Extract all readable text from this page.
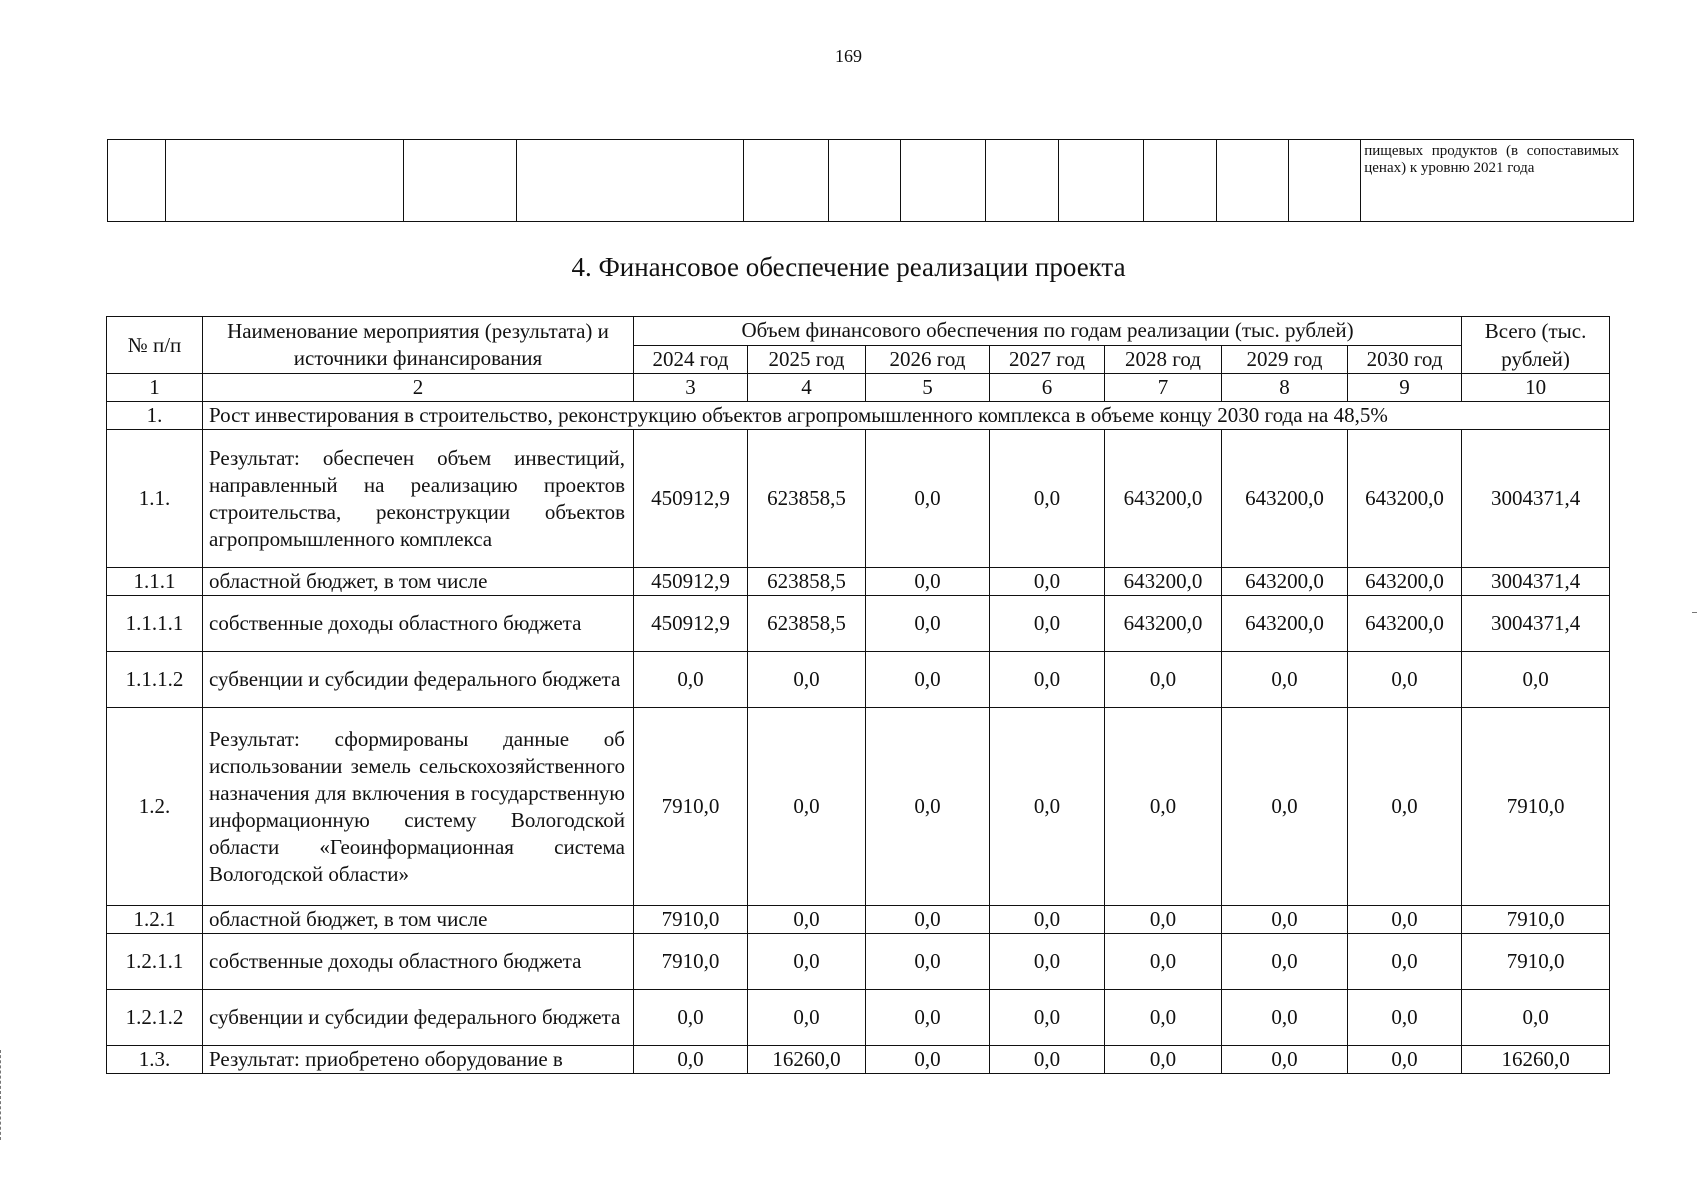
169
												пищевых продуктов (в сопоставимых ценах) к уровню 2021 года
4. Финансовое обеспечение реализации проекта
№ п/п	Наименование мероприятия (результата) и источники финансирования	Объем финансового обеспечения по годам реализации (тыс. рублей)							Всего (тыс. рублей)
		2024 год	2025 год	2026 год	2027 год	2028 год	2029 год	2030 год	
1	2	3	4	5	6	7	8	9	10
1.	Рост инвестирования в строительство, реконструкцию объектов агропромышленного комплекса в объеме концу 2030 года на 48,5%								
1.1.	Результат: обеспечен объем инвестиций, направленный на реализацию проектов строительства, реконструкции объектов агропромышленного комплекса	450912,9	623858,5	0,0	0,0	643200,0	643200,0	643200,0	3004371,4
1.1.1	областной бюджет, в том числе	450912,9	623858,5	0,0	0,0	643200,0	643200,0	643200,0	3004371,4
1.1.1.1	собственные доходы областного бюджета	450912,9	623858,5	0,0	0,0	643200,0	643200,0	643200,0	3004371,4
1.1.1.2	субвенции и субсидии федерального бюджета	0,0	0,0	0,0	0,0	0,0	0,0	0,0	0,0
1.2.	Результат: сформированы данные об использовании земель сельскохозяйственного назначения для включения в государственную информационную систему Вологодской области «Геоинформационная система Вологодской области»	7910,0	0,0	0,0	0,0	0,0	0,0	0,0	7910,0
1.2.1	областной бюджет, в том числе	7910,0	0,0	0,0	0,0	0,0	0,0	0,0	7910,0
1.2.1.1	собственные доходы областного бюджета	7910,0	0,0	0,0	0,0	0,0	0,0	0,0	7910,0
1.2.1.2	субвенции и субсидии федерального бюджета	0,0	0,0	0,0	0,0	0,0	0,0	0,0	0,0
1.3.	Результат: приобретено оборудование в	0,0	16260,0	0,0	0,0	0,0	0,0	0,0	16260,0
